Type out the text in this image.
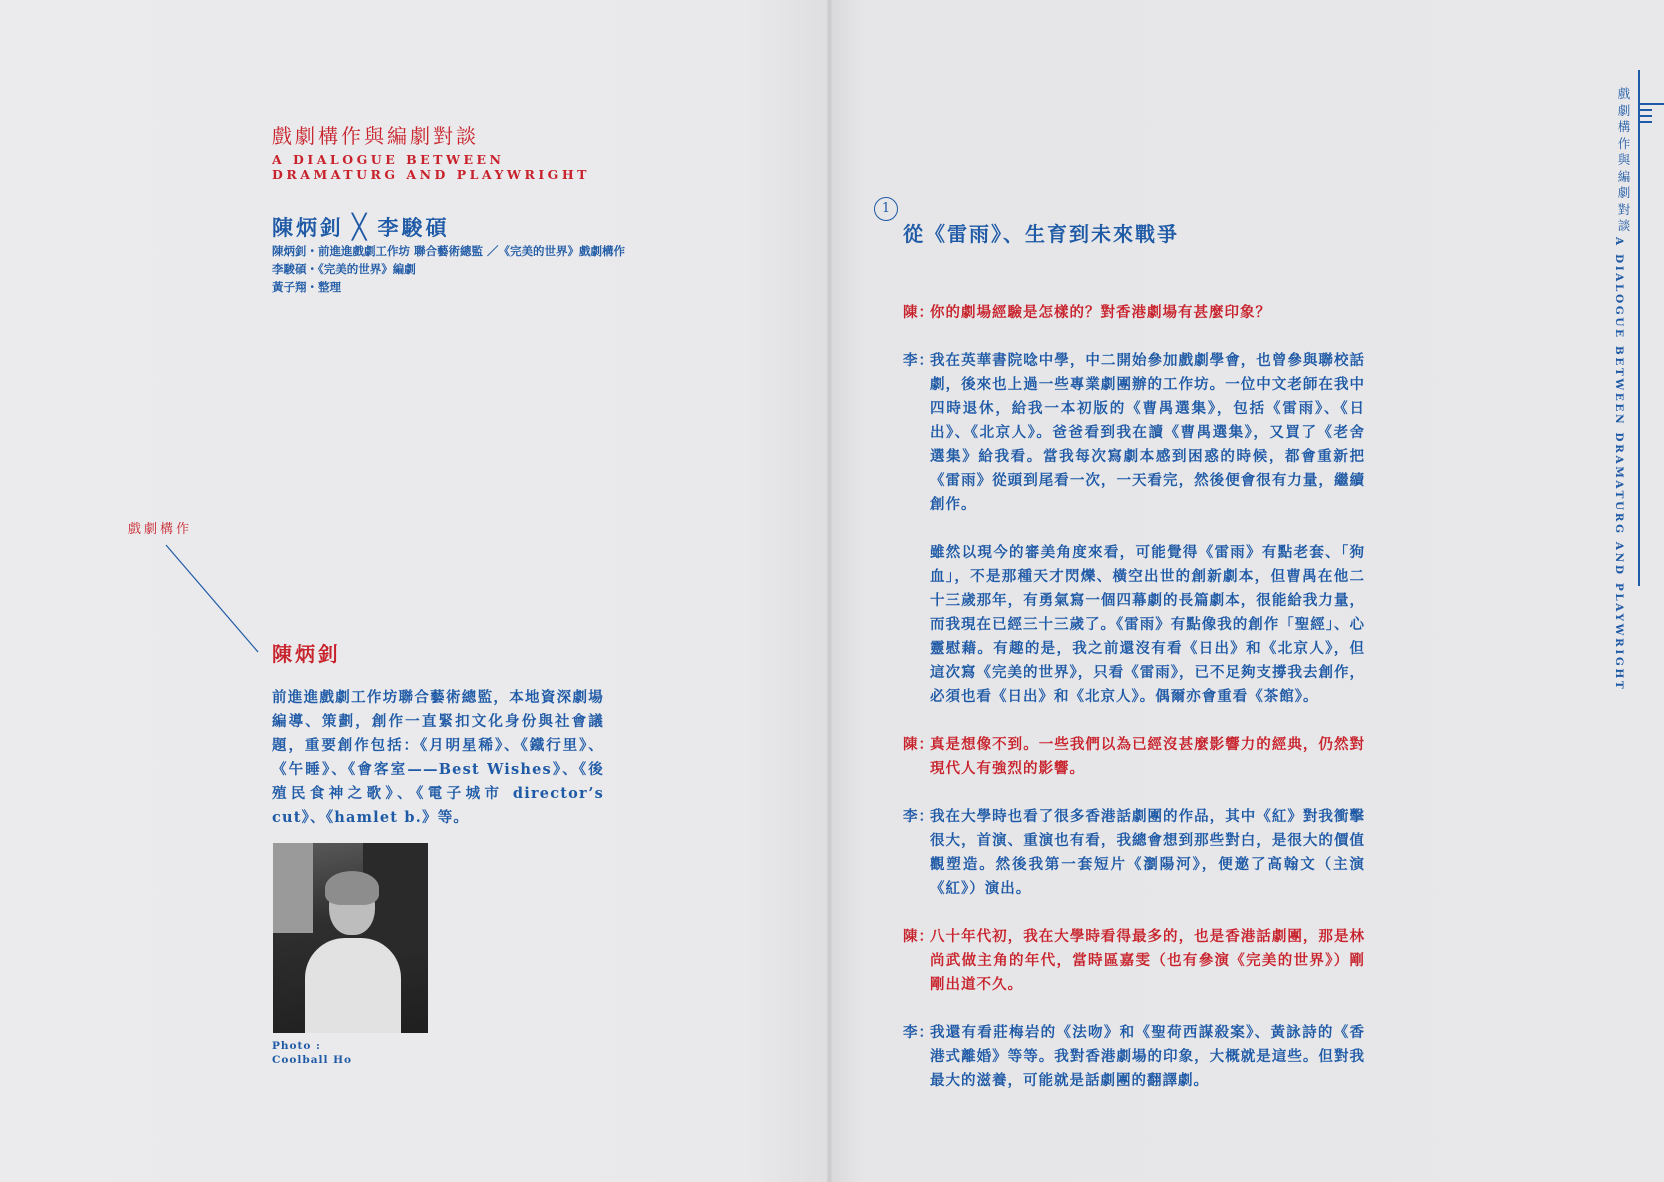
戲劇構作與編劇對談
A DIALOGUE BETWEEN
DRAMATURG AND PLAYWRIGHT
陳炳釗 ╳ 李駿碩
陳炳釗・前進進戲劇工作坊 聯合藝術總監 ／《完美的世界》戲劇構作
李駿碩・《完美的世界》編劇
黃子翔・整理
戲劇構作
陳炳釗
前進進戲劇工作坊聯合藝術總監，本地資深劇場編導、策劃，創作一直緊扣文化身份與社會議題，重要創作包括：《月明星稀》、《鐵行里》、《午睡》、《會客室——Best Wishes》、《後殖民食神之歌》、《電子城市 director’s cut》、《hamlet b.》等。
Photo :
Coolball Ho
1
從《雷雨》、生育到未來戰爭
陳：

你的劇場經驗是怎樣的？對香港劇場有甚麼印象？

李：

我在英華書院唸中學，中二開始參加戲劇學會，也曾參與聯校話劇，後來也上過一些專業劇團辦的工作坊。一位中文老師在我中四時退休，給我一本初版的《曹禺選集》，包括《雷雨》、《日出》、《北京人》。爸爸看到我在讀《曹禺選集》，又買了《老舍選集》給我看。當我每次寫劇本感到困惑的時候，都會重新把《雷雨》從頭到尾看一次，一天看完，然後便會很有力量，繼續創作。

雖然以現今的審美角度來看，可能覺得《雷雨》有點老套、「狗血」，不是那種天才閃爍、橫空出世的創新劇本，但曹禺在他二十三歲那年，有勇氣寫一個四幕劇的長篇劇本，很能給我力量，而我現在已經三十三歲了。《雷雨》有點像我的創作「聖經」、心靈慰藉。有趣的是，我之前還沒有看《日出》和《北京人》，但這次寫《完美的世界》，只看《雷雨》，已不足夠支撐我去創作，必須也看《日出》和《北京人》。偶爾亦會重看《茶館》。

陳：

真是想像不到。一些我們以為已經沒甚麼影響力的經典，仍然對現代人有強烈的影響。

李：

我在大學時也看了很多香港話劇團的作品，其中《紅》對我衝擊很大，首演、重演也有看，我總會想到那些對白，是很大的價值觀塑造。然後我第一套短片《瀏陽河》，便邀了高翰文（主演《紅》）演出。

陳：

八十年代初，我在大學時看得最多的，也是香港話劇團，那是林尚武做主角的年代，當時區嘉雯（也有參演《完美的世界》）剛剛出道不久。

李：

我還有看莊梅岩的《法吻》和《聖荷西謀殺案》、黃詠詩的《香港式離婚》等等。我對香港劇場的印象，大概就是這些。但對我最大的滋養，可能就是話劇團的翻譯劇。

戲劇構作與編劇對談
A DIALOGUE BETWEEN DRAMATURG AND PLAYWRIGHT
